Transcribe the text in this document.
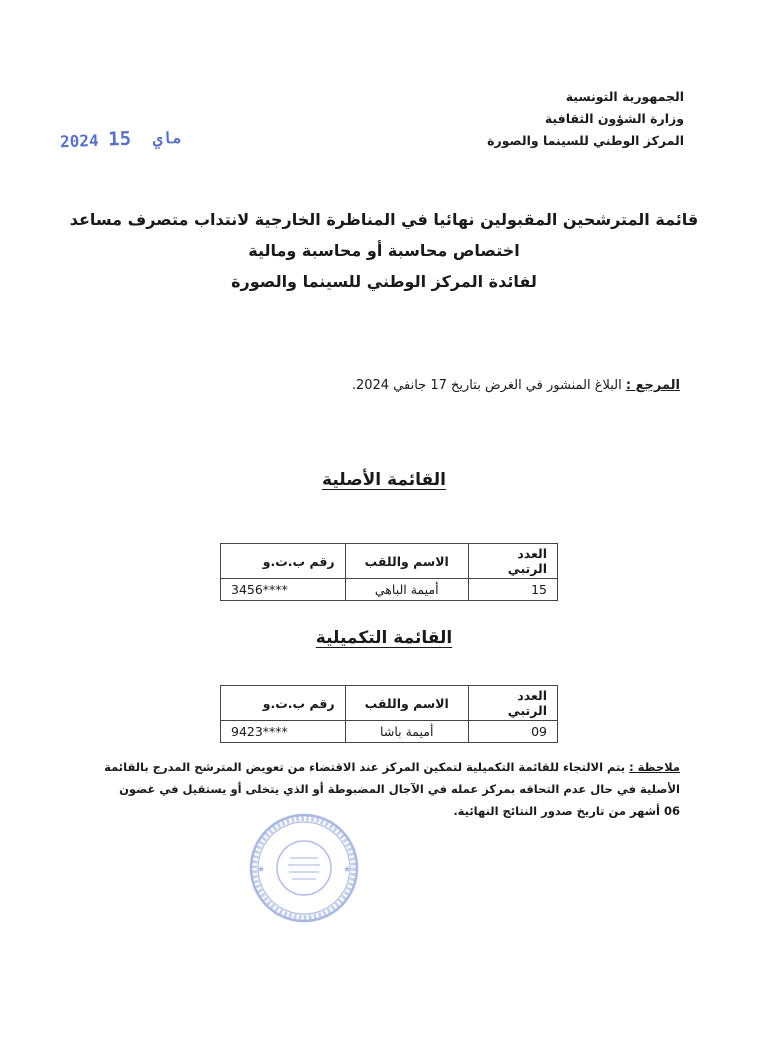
الجمهورية التونسية
وزارة الشؤون الثقافية
المركز الوطني للسينما والصورة
2024	ماي 15
قائمة المترشحين المقبولين نهائيا في المناظرة الخارجية لانتداب متصرف مساعد
اختصاص محاسبة أو محاسبة ومالية
لفائدة المركز الوطني للسينما والصورة
المرجع : البلاغ المنشور في الغرض بتاريخ 17 جانفي 2024.
القائمة الأصلية
العدد الرتبي	الاسم واللقب	رقم ب.ت.و
15	أميمة الباهي	3456****
القائمة التكميلية
العدد الرتبي	الاسم واللقب	رقم ب.ت.و
09	أميمة باشا	9423****
ملاحظة : يتم الالتجاء للقائمة التكميلية لتمكين المركز عند الاقتضاء من تعويض المترشح المدرج بالقائمة الأصلية في حال عدم التحاقه بمركز عمله في الآجال المضبوطة أو الذي يتخلى أو يستقيل في غضون 06 أشهر من تاريخ صدور النتائج النهائية.
★	★
